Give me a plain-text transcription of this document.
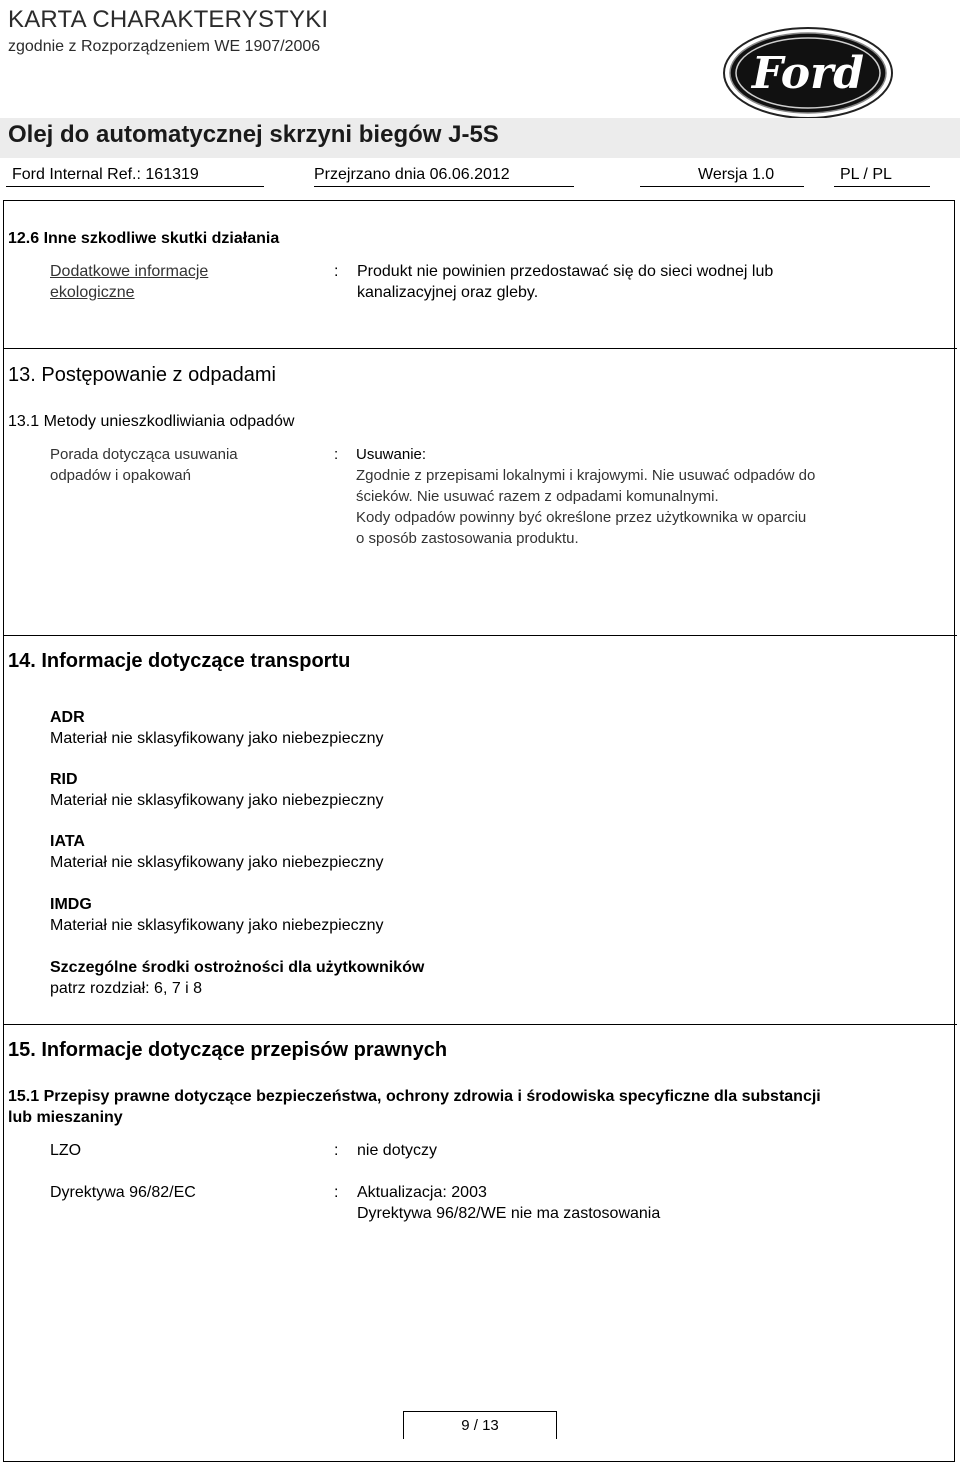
KARTA CHARAKTERYSTYKI
zgodnie z Rozporządzeniem WE 1907/2006
Ford
Olej do automatycznej skrzyni biegów J-5S
Ford Internal Ref.: 161319	Przejrzano dnia 06.06.2012	Wersja 1.0	PL / PL
12.6 Inne szkodliwe skutki działania
Dodatkowe informacje
ekologiczne
: Produkt nie powinien przedostawać się do sieci wodnej lub
kanalizacyjnej oraz gleby.
13. Postępowanie z odpadami
13.1 Metody unieszkodliwiania odpadów
Porada dotycząca usuwania
odpadów i opakowań
: Usuwanie:
Zgodnie z przepisami lokalnymi i krajowymi. Nie usuwać odpadów do
ścieków. Nie usuwać razem z odpadami komunalnymi.
Kody odpadów powinny być określone przez użytkownika w oparciu
o sposób zastosowania produktu.
14. Informacje dotyczące transportu
ADR
Materiał nie sklasyfikowany jako niebezpieczny
RID
Materiał nie sklasyfikowany jako niebezpieczny
IATA
Materiał nie sklasyfikowany jako niebezpieczny
IMDG
Materiał nie sklasyfikowany jako niebezpieczny
Szczególne środki ostrożności dla użytkowników
patrz rozdział: 6, 7 i 8
15. Informacje dotyczące przepisów prawnych
15.1 Przepisy prawne dotyczące bezpieczeństwa, ochrony zdrowia i środowiska specyficzne dla substancji
lub mieszaniny
LZO	: nie dotyczy
Dyrektywa 96/82/EC	: Aktualizacja: 2003
Dyrektywa 96/82/WE nie ma zastosowania
9 / 13
